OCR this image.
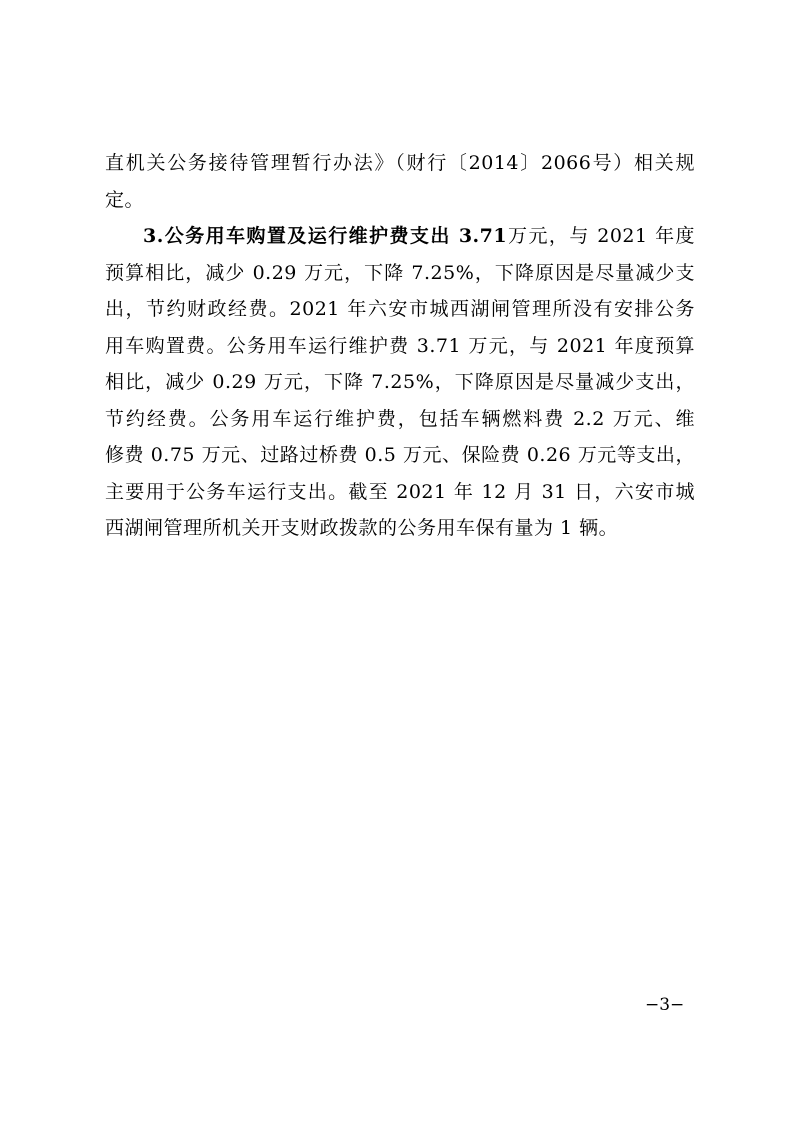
直机关公务接待管理暂行办法》（财行〔2014〕2066号）相关规
定。
3.公务用车购置及运行维护费支出 3.71万元，与 2021 年度
预算相比，减少 0.29 万元，下降 7.25%，下降原因是尽量减少支
出，节约财政经费。2021 年六安市城西湖闸管理所没有安排公务
用车购置费。公务用车运行维护费 3.71 万元，与 2021 年度预算
相比，减少 0.29 万元，下降 7.25%，下降原因是尽量减少支出，
节约经费。公务用车运行维护费，包括车辆燃料费 2.2 万元、维
修费 0.75 万元、过路过桥费 0.5 万元、保险费 0.26 万元等支出，
主要用于公务车运行支出。截至 2021 年 12 月 31 日，六安市城
西湖闸管理所机关开支财政拨款的公务用车保有量为 1 辆。
−3−
